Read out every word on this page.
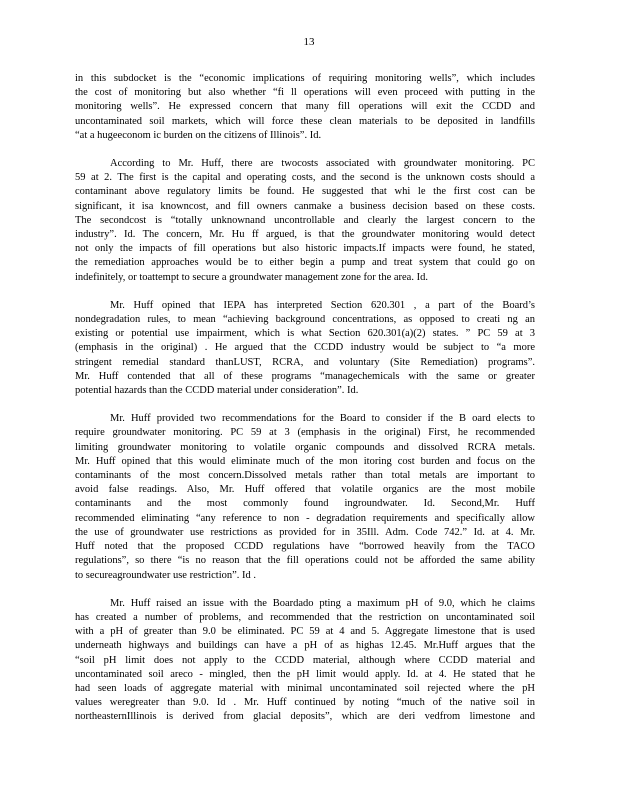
13
in this subdocket is the “economic implications of requiring monitoring wells”, which includes
the cost of monitoring but also whether “fi ll operations will even proceed with putting in the
monitoring wells”. He expressed concern that many fill operations will exit the CCDD and
uncontaminated soil markets, which will force these clean materials to be deposited in landfills
“at a hugeeconom ic burden on the citizens of Illinois”. Id.
According to Mr. Huff, there are twocosts associated with groundwater monitoring. PC
59 at 2. The first is the capital and operating costs, and the second is the unknown costs should a
contaminant above regulatory limits be found. He suggested that whi le the first cost can be
significant, it isa knowncost, and fill owners canmake a business decision based on these costs.
The secondcost is “totally unknownand uncontrollable and clearly the largest concern to the
industry”. Id. The concern, Mr. Hu ff argued, is that the groundwater monitoring would detect
not only the impacts of fill operations but also historic impacts.If impacts were found, he stated,
the remediation approaches would be to either begin a pump and treat system that could go on
indefinitely, or toattempt to secure a groundwater management zone for the area. Id.
Mr. Huff opined that IEPA has interpreted Section 620.301 , a part of the Board’s
nondegradation rules, to mean “achieving background concentrations, as opposed to creati ng an
existing or potential use impairment, which is what Section 620.301(a)(2) states. ” PC 59 at 3
(emphasis in the original) . He argued that the CCDD industry would be subject to “a more
stringent remedial standard thanLUST, RCRA, and voluntary (Site Remediation) programs”.
Mr. Huff contended that all of these programs “managechemicals with the same or greater
potential hazards than the CCDD material under consideration”. Id.
Mr. Huff provided two recommendations for the Board to consider if the B oard elects to
require groundwater monitoring. PC 59 at 3 (emphasis in the original) First, he recommended
limiting groundwater monitoring to volatile organic compounds and dissolved RCRA metals.
Mr. Huff opined that this would eliminate much of the mon itoring cost burden and focus on the
contaminants of the most concern.Dissolved metals rather than total metals are important to
avoid false readings. Also, Mr. Huff offered that volatile organics are the most mobile
contaminants and the most commonly found ingroundwater. Id. Second,Mr. Huff
recommended eliminating “any reference to non - degradation requirements and specifically allow
the use of groundwater use restrictions as provided for in 35Ill. Adm. Code 742.” Id. at 4. Mr.
Huff noted that the proposed CCDD regulations have “borrowed heavily from the TACO
regulations”, so there “is no reason that the fill operations could not be afforded the same ability
to secureagroundwater use restriction”. Id .
Mr. Huff raised an issue with the Boardado pting a maximum pH of 9.0, which he claims
has created a number of problems, and recommended that the restriction on uncontaminated soil
with a pH of greater than 9.0 be eliminated. PC 59 at 4 and 5. Aggregate limestone that is used
underneath highways and buildings can have a pH of as highas 12.45. Mr.Huff argues that the
“soil pH limit does not apply to the CCDD material, although where CCDD material and
uncontaminated soil areco - mingled, then the pH limit would apply. Id. at 4. He stated that he
had seen loads of aggregate material with minimal uncontaminated soil rejected where the pH
values weregreater than 9.0. Id . Mr. Huff continued by noting “much of the native soil in
northeasternIllinois is derived from glacial deposits”, which are deri vedfrom limestone and
